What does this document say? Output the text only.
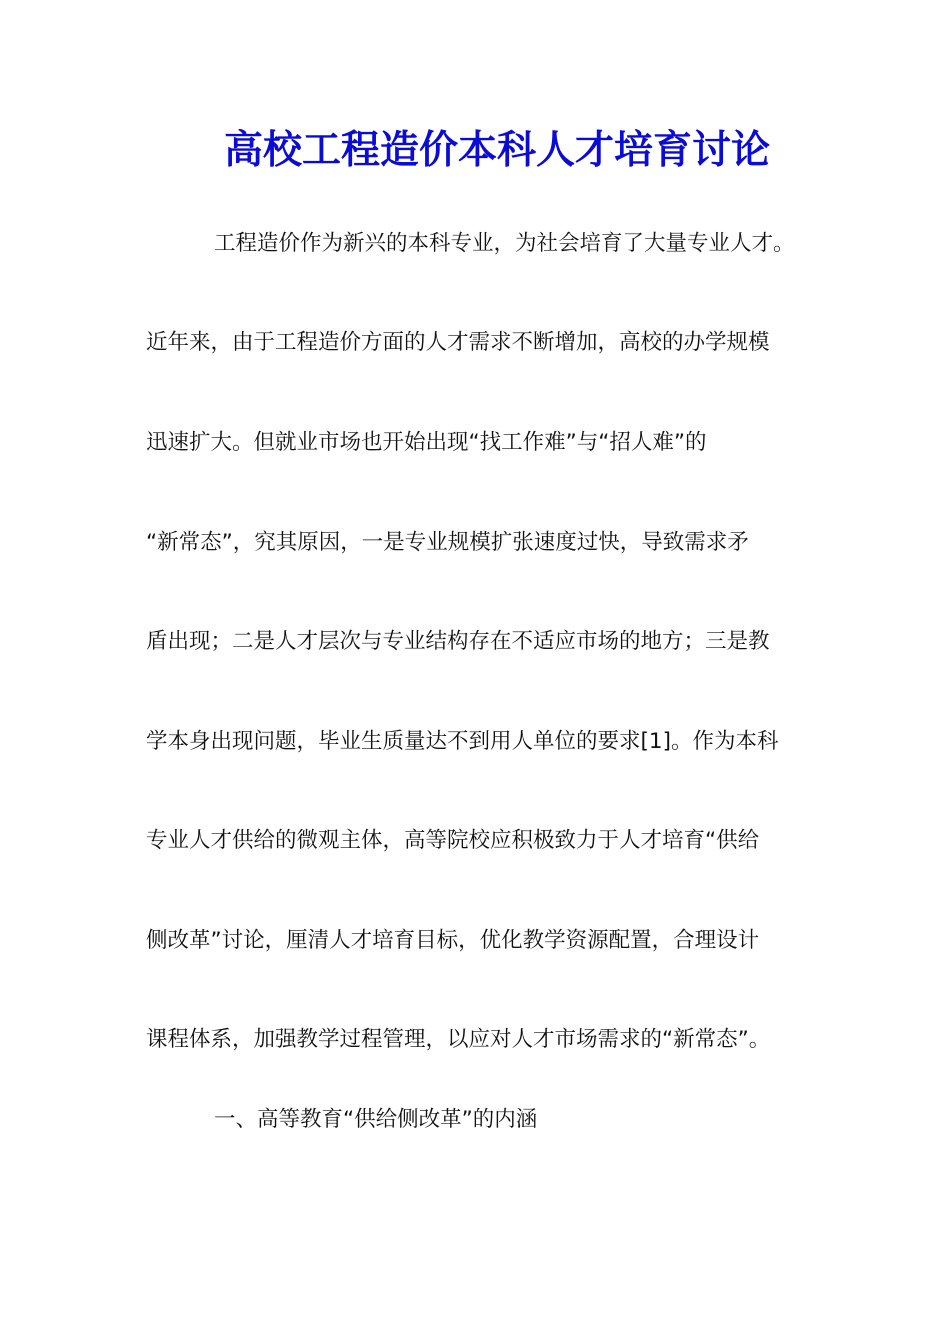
高校工程造价本科人才培育讨论
工程造价作为新兴的本科专业，为社会培育了大量专业人才。
近年来，由于工程造价方面的人才需求不断增加，高校的办学规模
迅速扩大。但就业市场也开始出现“找工作难”与“招人难”的
“新常态”，究其原因，一是专业规模扩张速度过快，导致需求矛
盾出现；二是人才层次与专业结构存在不适应市场的地方；三是教
学本身出现问题，毕业生质量达不到用人单位的要求[1]。作为本科
专业人才供给的微观主体，高等院校应积极致力于人才培育“供给
侧改革”讨论，厘清人才培育目标，优化教学资源配置，合理设计
课程体系，加强教学过程管理，以应对人才市场需求的“新常态”。
一、高等教育“供给侧改革”的内涵
